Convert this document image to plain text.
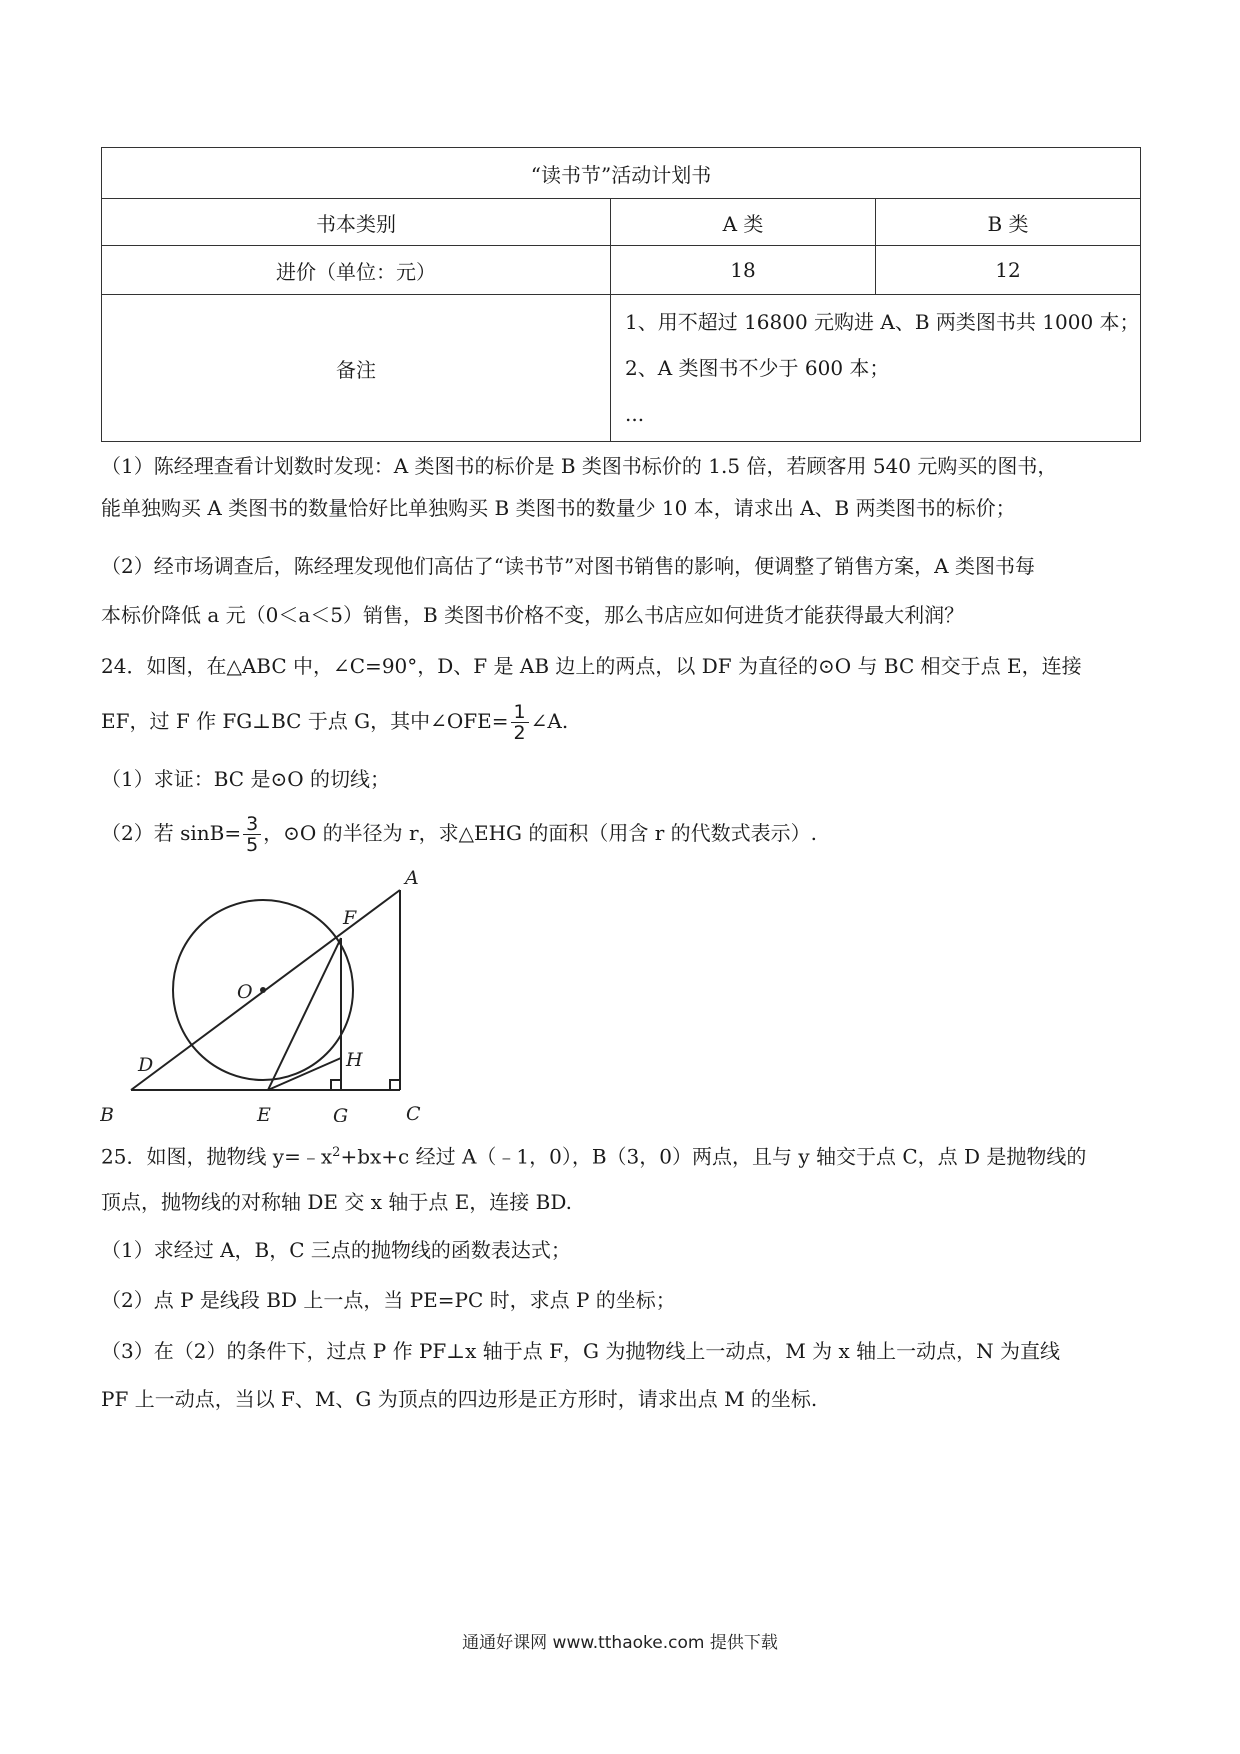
“读书节”活动计划书		
书本类别	A 类	B 类
进价（单位：元）	18	12
备注	1、用不超过 16800 元购进 A、B 两类图书共 1000 本；
2、A 类图书不少于 600 本；
...	
（1）陈经理查看计划数时发现：A 类图书的标价是 B 类图书标价的 1.5 倍，若顾客用 540 元购买的图书，
能单独购买 A 类图书的数量恰好比单独购买 B 类图书的数量少 10 本，请求出 A、B 两类图书的标价；
（2）经市场调查后，陈经理发现他们高估了“读书节”对图书销售的影响，便调整了销售方案，A 类图书每
本标价降低 a 元（0＜a＜5）销售，B 类图书价格不变，那么书店应如何进货才能获得最大利润？
24．如图，在△ABC 中，∠C=90°，D、F 是 AB 边上的两点，以 DF 为直径的⊙O 与 BC 相交于点 E，连接
EF，过 F 作 FG⊥BC 于点 G，其中∠OFE= $\frac{1}{2}$ ∠A.
（1）求证：BC 是⊙O 的切线；
（2）若 $\sin B= \frac{3}{5}$ ，⊙O 的半径为 r，求△EHG 的面积（用含 r 的代数式表示）.
A
B	C
D
E
F
G
H
O
25．如图，抛物线 $y=﹣x^2+bx+c$ 经过 A（﹣1，0），B（3，0）两点，且与 y 轴交于点 C，点 D 是抛物线的
顶点，抛物线的对称轴 DE 交 x 轴于点 E，连接 BD.
（1）求经过 A，B，C 三点的抛物线的函数表达式；
（2）点 P 是线段 BD 上一点，当 PE=PC 时，求点 P 的坐标；
（3）在（2）的条件下，过点 P 作 PF⊥x 轴于点 F，G 为抛物线上一动点，M 为 x 轴上一动点，N 为直线
PF 上一动点，当以 F、M、G 为顶点的四边形是正方形时，请求出点 M 的坐标.
通通好课网 www.tthaoke.com 提供下载
